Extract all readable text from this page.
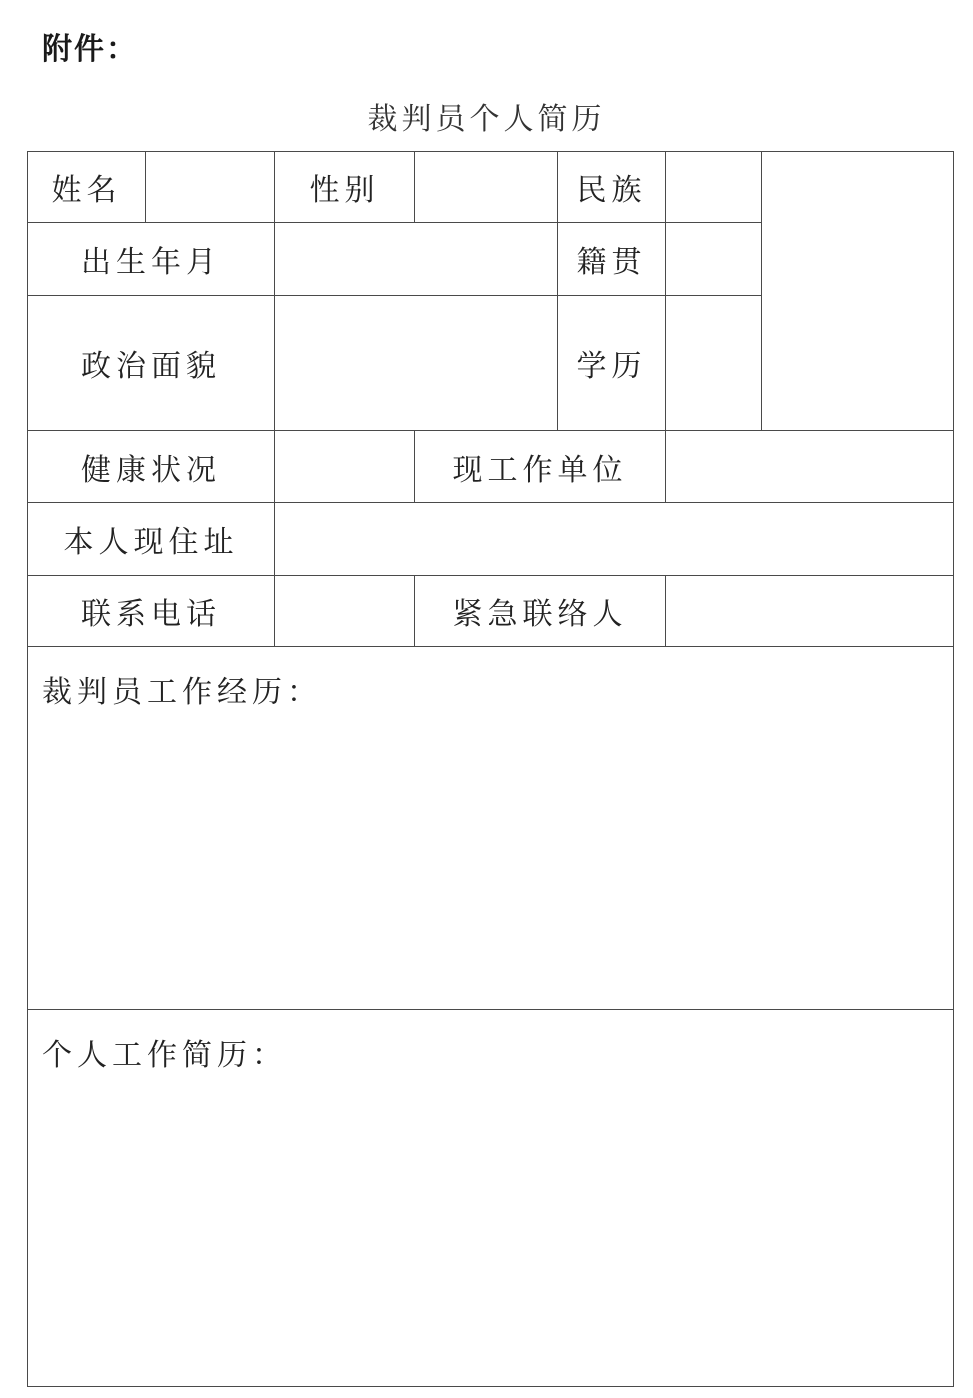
附件：
裁判员个人简历
姓名	性别	民族
出生年月	籍贯
政治面貌	学历
健康状况	现工作单位
本人现住址
联系电话	紧急联络人
裁判员工作经历：
个人工作简历：
